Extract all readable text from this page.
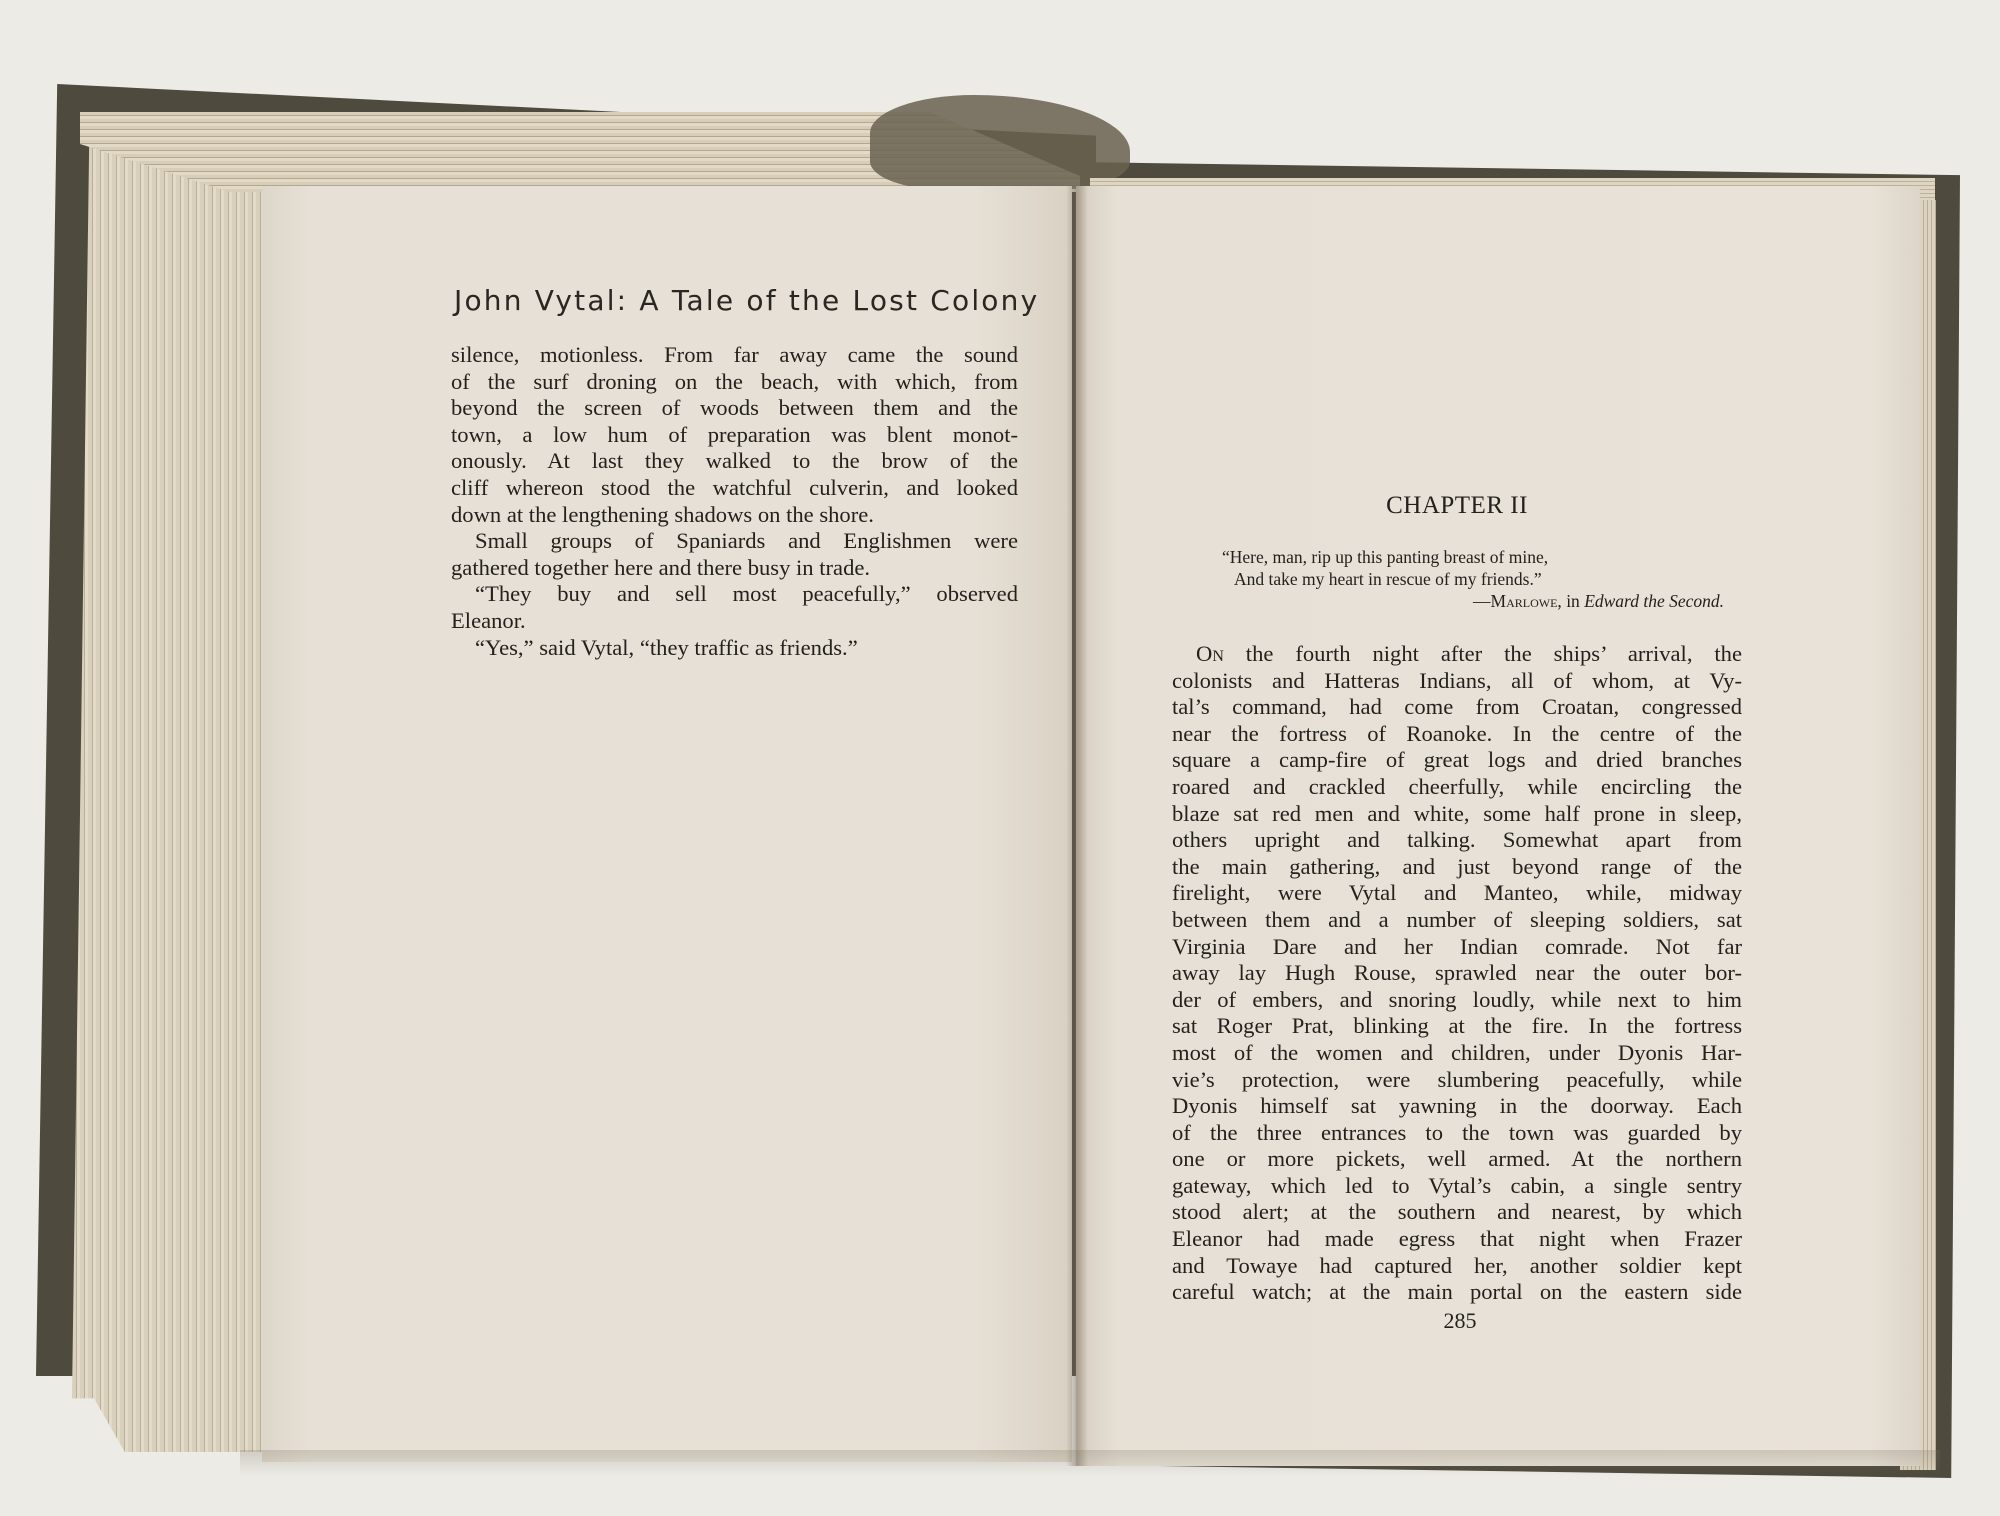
John Vytal: A Tale of the Lost Colony
silence, motionless. From far away came the sound
of the surf droning on the beach, with which, from
beyond the screen of woods between them and the
town, a low hum of preparation was blent monot-
onously. At last they walked to the brow of the
cliff whereon stood the watchful culverin, and looked
down at the lengthening shadows on the shore.
Small groups of Spaniards and Englishmen were
gathered together here and there busy in trade.
“They buy and sell most peacefully,” observed
Eleanor.
“Yes,” said Vytal, “they traffic as friends.”
CHAPTER II
“Here, man, rip up this panting breast of mine,
And take my heart in rescue of my friends.”
—Marlowe, in Edward the Second.
On the fourth night after the ships’ arrival, the
colonists and Hatteras Indians, all of whom, at Vy-
tal’s command, had come from Croatan, congressed
near the fortress of Roanoke. In the centre of the
square a camp-fire of great logs and dried branches
roared and crackled cheerfully, while encircling the
blaze sat red men and white, some half prone in sleep,
others upright and talking. Somewhat apart from
the main gathering, and just beyond range of the
firelight, were Vytal and Manteo, while, midway
between them and a number of sleeping soldiers, sat
Virginia Dare and her Indian comrade. Not far
away lay Hugh Rouse, sprawled near the outer bor-
der of embers, and snoring loudly, while next to him
sat Roger Prat, blinking at the fire. In the fortress
most of the women and children, under Dyonis Har-
vie’s protection, were slumbering peacefully, while
Dyonis himself sat yawning in the doorway. Each
of the three entrances to the town was guarded by
one or more pickets, well armed. At the northern
gateway, which led to Vytal’s cabin, a single sentry
stood alert; at the southern and nearest, by which
Eleanor had made egress that night when Frazer
and Towaye had captured her, another soldier kept
careful watch; at the main portal on the eastern side
285
